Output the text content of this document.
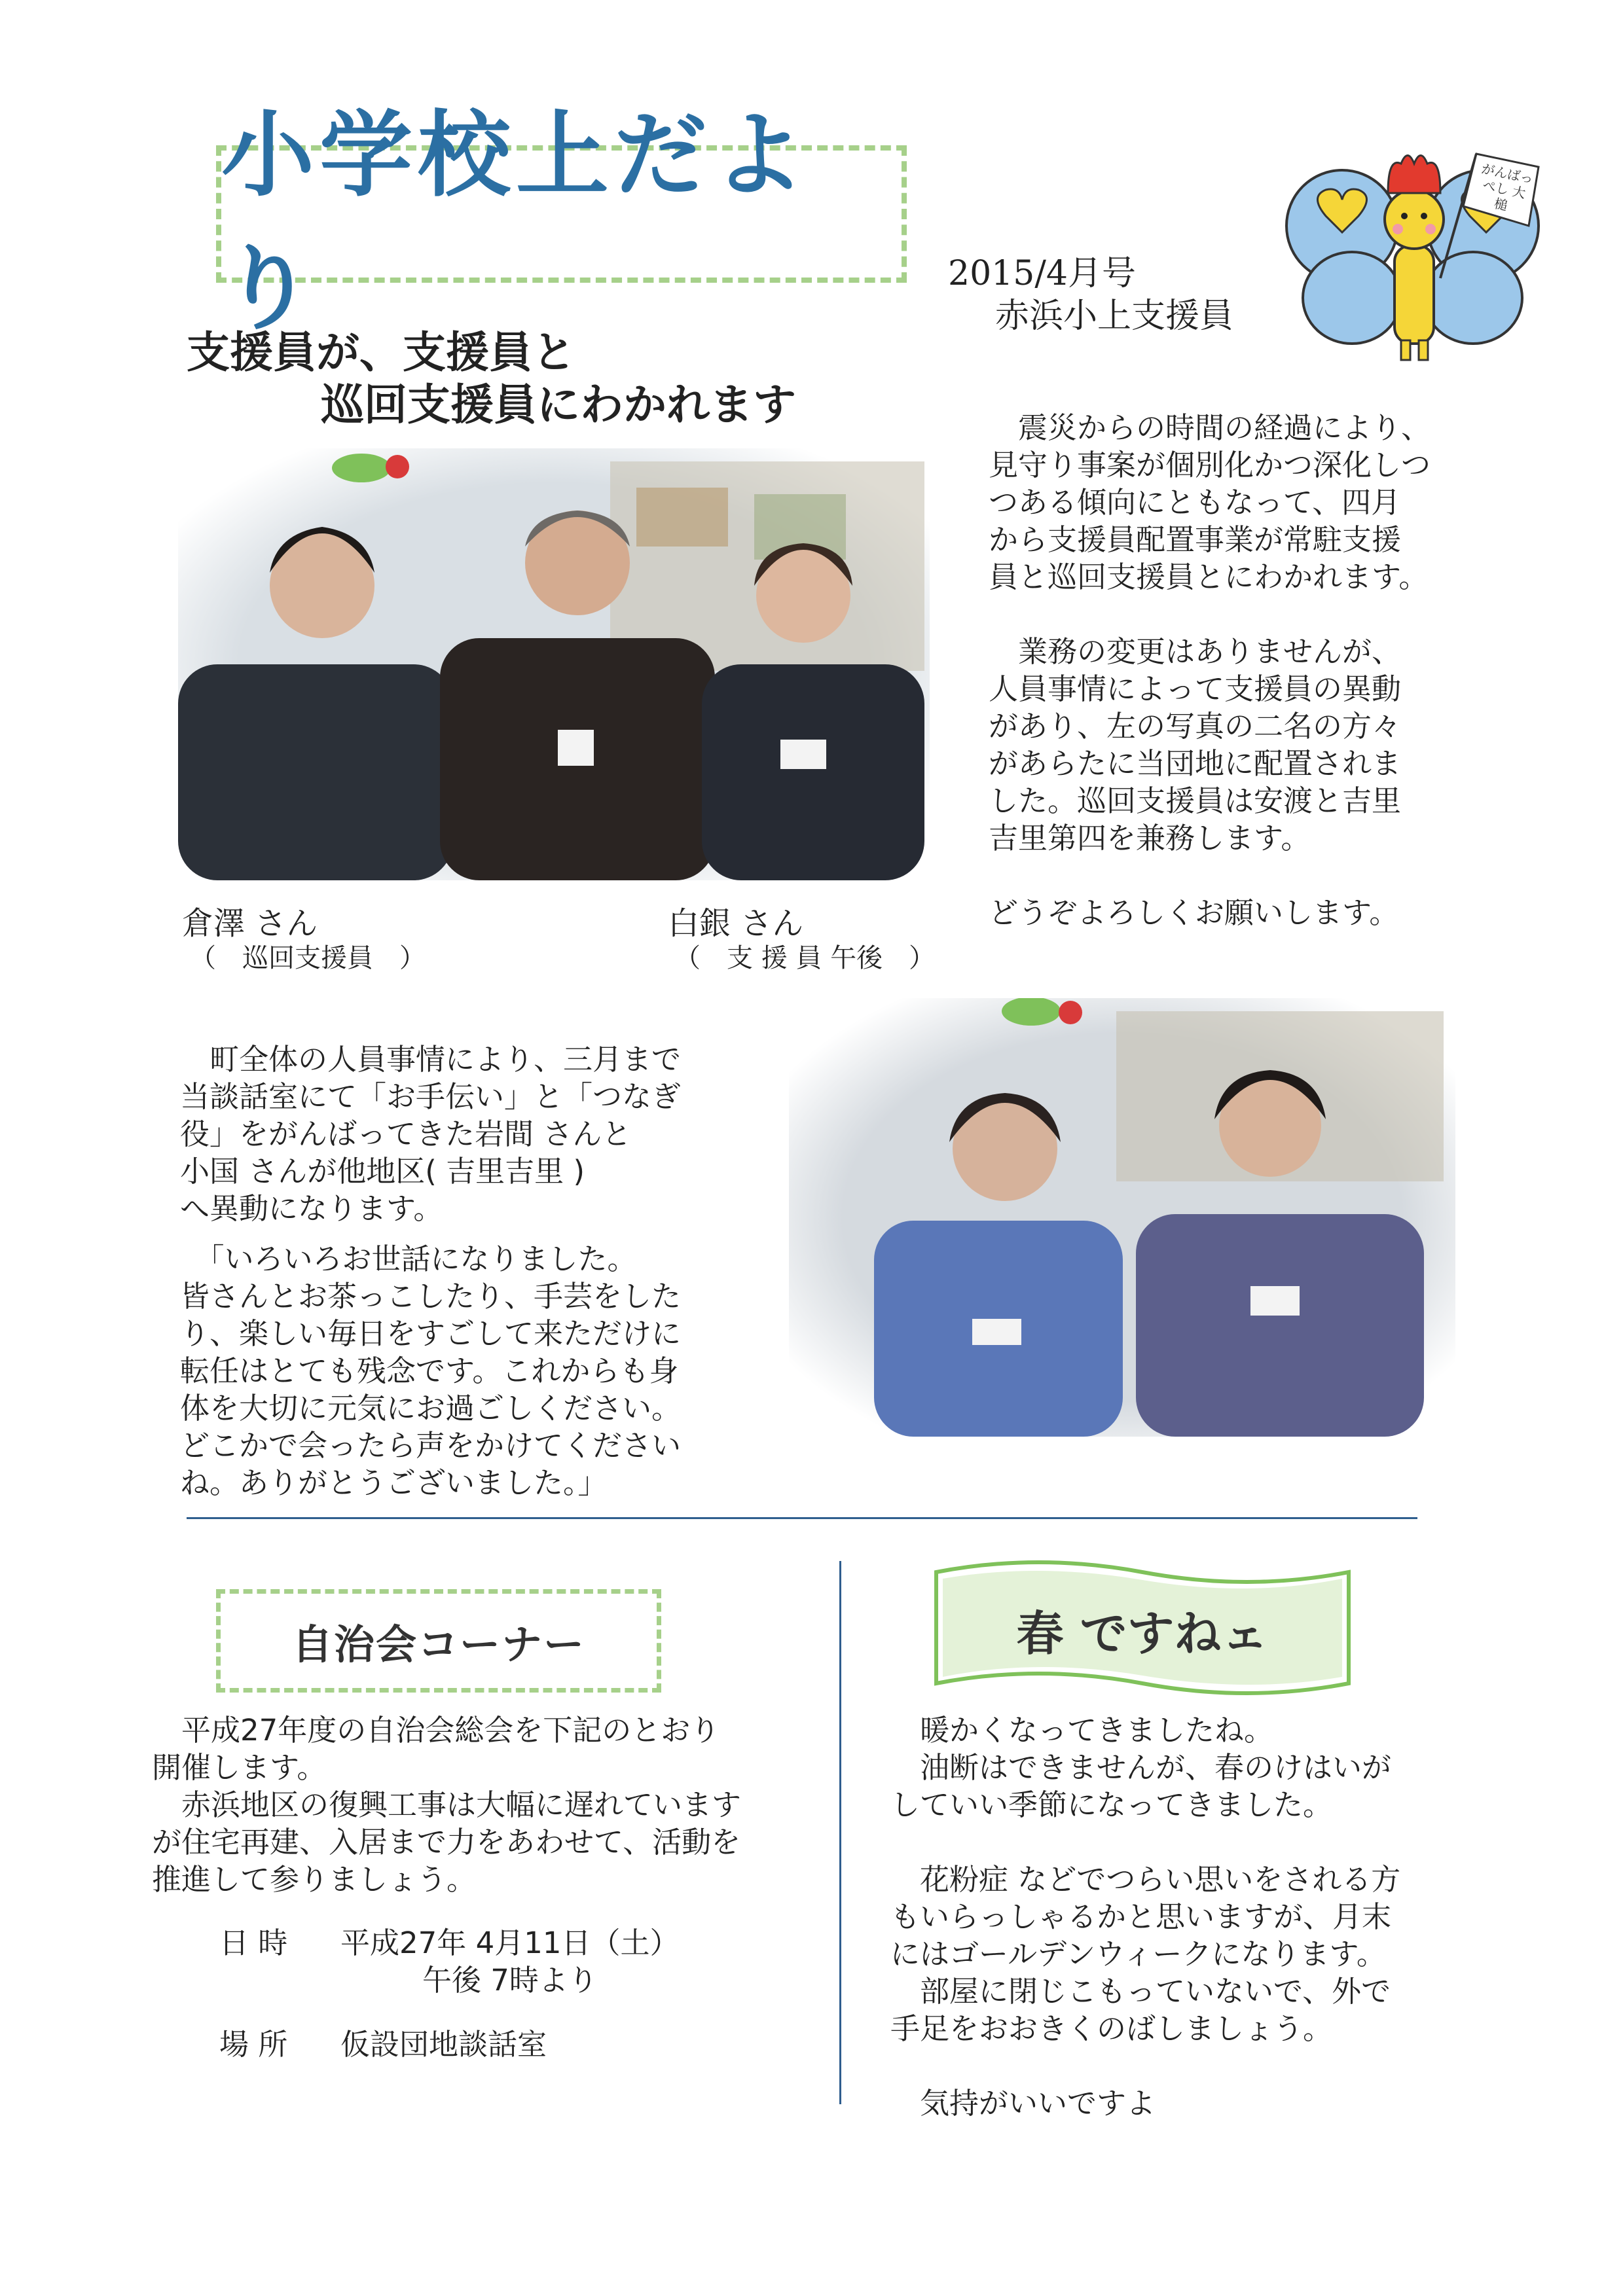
小学校上だより	2015/4月号
赤浜小上支援員
がんばっぺし 大槌
支援員が、支援員と
巡回支援員にわかれます	　震災からの時間の経過により、
見守り事案が個別化かつ深化しつ
つある傾向にともなって、四月
から支援員配置事業が常駐支援
員と巡回支援員とにわかれます。

　業務の変更はありませんが、
人員事情によって支援員の異動
があり、左の写真の二名の方々
があらたに当団地に配置されま
した。巡回支援員は安渡と吉里
吉里第四を兼務します。

どうぞよろしくお願いします。

倉澤 さん
（　巡回支援員　）
白銀 さん
（　支 援 員 午後　）

　町全体の人員事情により、三月まで
当談話室にて「お手伝い」と「つなぎ
役」をがんばってきた岩間 さんと
小国 さんが他地区( 吉里吉里 )
へ異動になります。

　「いろいろお世話になりました。
皆さんとお茶っこしたり、手芸をした
り、楽しい毎日をすごして来ただけに
転任はとても残念です。これからも身
体を大切に元気にお過ごしください。
どこかで会ったら声をかけてください
ね。ありがとうございました。」

自治会コーナー

　平成27年度の自治会総会を下記のとおり
開催します。
　赤浜地区の復興工事は大幅に遅れています
が住宅再建、入居まで力をあわせて、活動を
推進して参りましょう。

日 時 平成27年 4月11日（土）
午後 7時より
場 所 仮設団地談話室
春 ですねェ

　暖かくなってきましたね。
　油断はできませんが、春のけはいが
していい季節になってきました。

　花粉症 などでつらい思いをされる方
もいらっしゃるかと思いますが、月末
にはゴールデンウィークになります。
　部屋に閉じこもっていないで、外で
手足をおおきくのばしましょう。

　気持がいいですよ
